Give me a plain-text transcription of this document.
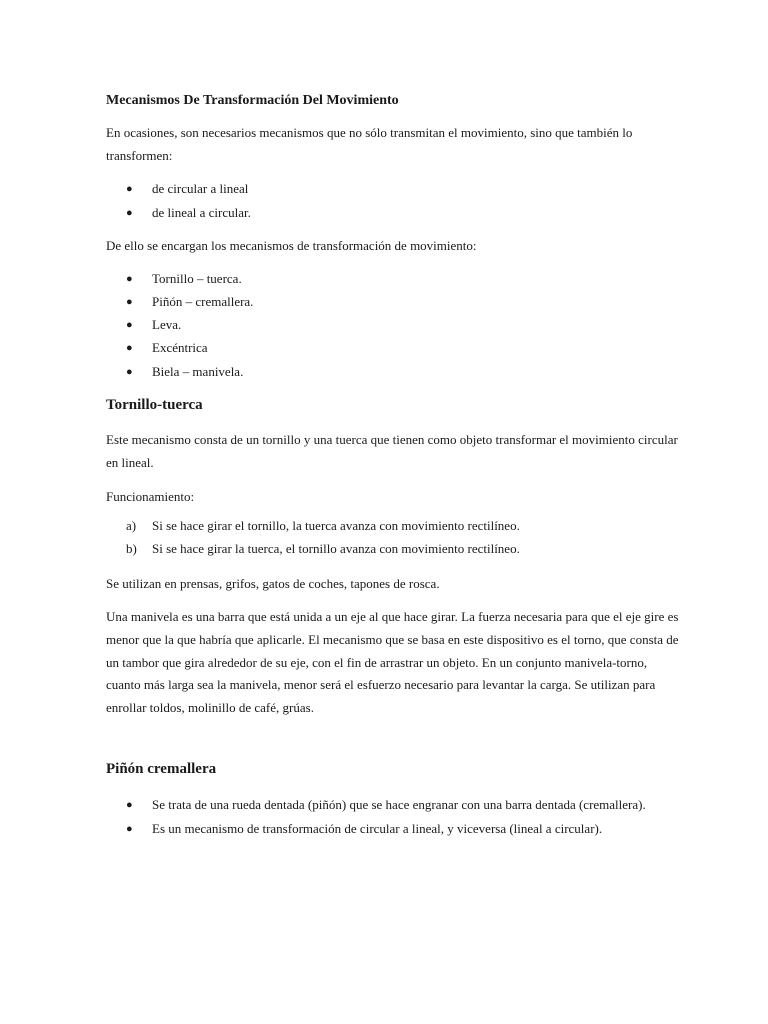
Mecanismos De Transformación Del Movimiento
En ocasiones, son necesarios mecanismos que no sólo transmitan el movimiento, sino que también lo
transformen:
● de circular a lineal
● de lineal a circular.
De ello se encargan los mecanismos de transformación de movimiento:
● Tornillo – tuerca.
● Piñón – cremallera.
● Leva.
● Excéntrica
● Biela – manivela.
Tornillo-tuerca
Este mecanismo consta de un tornillo y una tuerca que tienen como objeto transformar el movimiento circular
en lineal.
Funcionamiento:
a) Si se hace girar el tornillo, la tuerca avanza con movimiento rectilíneo.
b) Si se hace girar la tuerca, el tornillo avanza con movimiento rectilíneo.
Se utilizan en prensas, grifos, gatos de coches, tapones de rosca.
Una manivela es una barra que está unida a un eje al que hace girar. La fuerza necesaria para que el eje gire es
menor que la que habría que aplicarle. El mecanismo que se basa en este dispositivo es el torno, que consta de
un tambor que gira alrededor de su eje, con el fin de arrastrar un objeto. En un conjunto manivela-torno,
cuanto más larga sea la manivela, menor será el esfuerzo necesario para levantar la carga. Se utilizan para
enrollar toldos, molinillo de café, grúas.
Piñón cremallera
● Se trata de una rueda dentada (piñón) que se hace engranar con una barra dentada (cremallera).
● Es un mecanismo de transformación de circular a lineal, y viceversa (lineal a circular).
